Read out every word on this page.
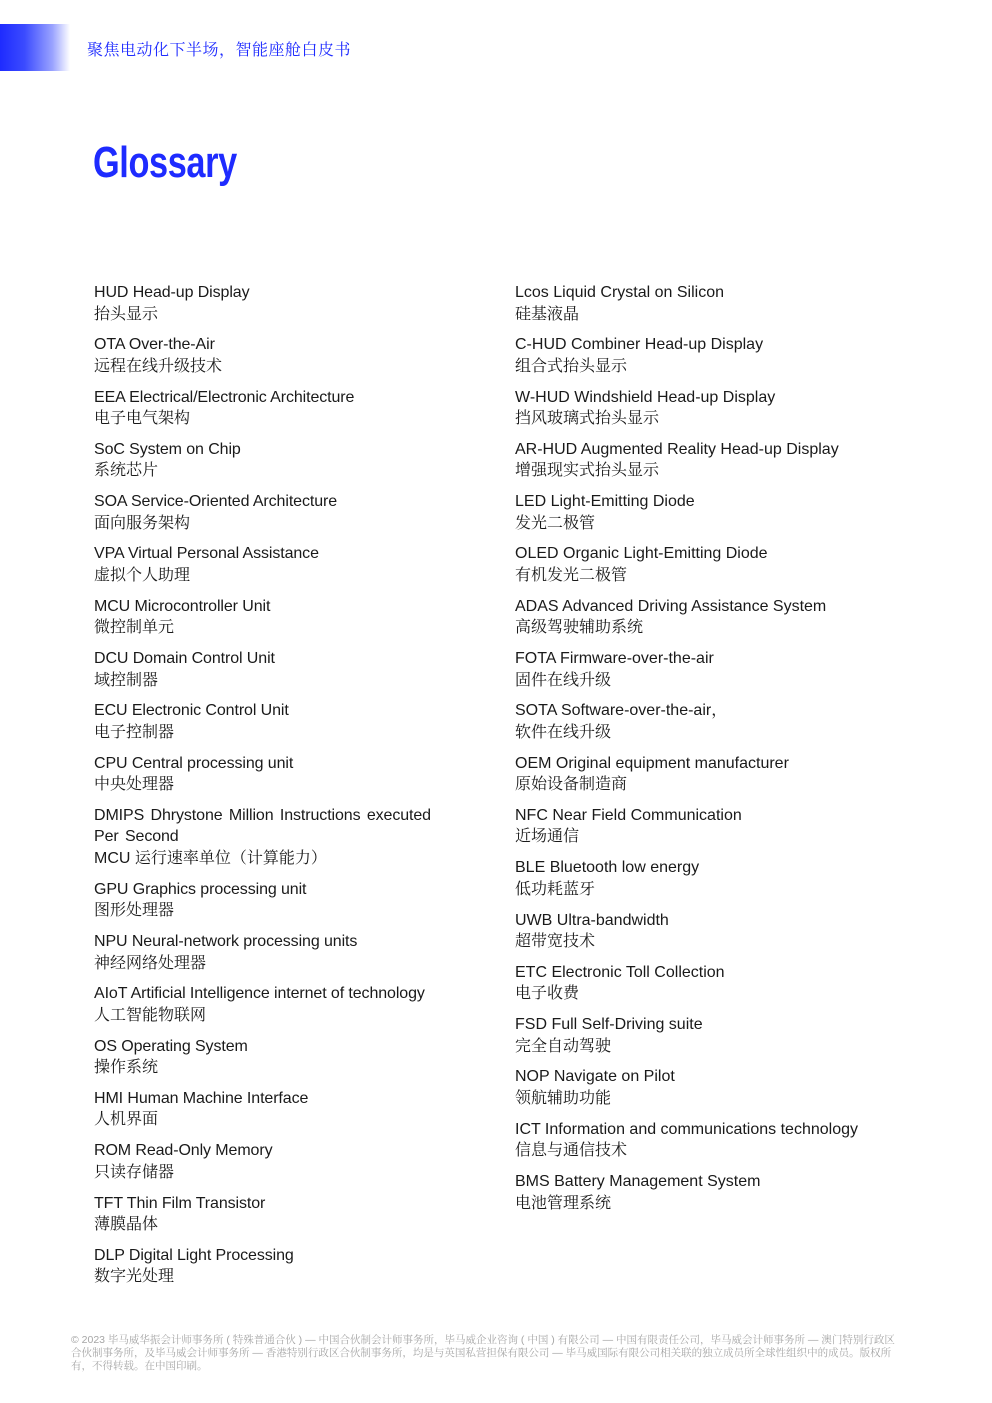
聚焦电动化下半场，智能座舱白皮书
Glossary
HUD Head-up Display
抬头显示
OTA Over-the-Air
远程在线升级技术
EEA Electrical/Electronic Architecture
电子电气架构
SoC System on Chip
系统芯片
SOA Service-Oriented Architecture
面向服务架构
VPA Virtual Personal Assistance
虚拟个人助理
MCU Microcontroller Unit
微控制单元
DCU Domain Control Unit
域控制器
ECU Electronic Control Unit
电子控制器
CPU Central processing unit
中央处理器
DMIPS Dhrystone Million Instructions executed Per Second
MCU 运行速率单位（计算能力）
GPU Graphics processing unit
图形处理器
NPU Neural-network processing units
神经网络处理器
AIoT Artificial Intelligence internet of technology
人工智能物联网
OS Operating System
操作系统
HMI Human Machine Interface
人机界面
ROM Read-Only Memory
只读存储器
TFT Thin Film Transistor
薄膜晶体
DLP Digital Light Processing
数字光处理
Lcos Liquid Crystal on Silicon
硅基液晶
C-HUD Combiner Head-up Display
组合式抬头显示
W-HUD Windshield Head-up Display
挡风玻璃式抬头显示
AR-HUD Augmented Reality Head-up Display
增强现实式抬头显示
LED Light-Emitting Diode
发光二极管
OLED Organic Light-Emitting Diode
有机发光二极管
ADAS Advanced Driving Assistance System
高级驾驶辅助系统
FOTA Firmware-over-the-air
固件在线升级
SOTA Software-over-the-air，
软件在线升级
OEM Original equipment manufacturer
原始设备制造商
NFC Near Field Communication
近场通信
BLE Bluetooth low energy
低功耗蓝牙
UWB Ultra-bandwidth
超带宽技术
ETC Electronic Toll Collection
电子收费
FSD Full Self-Driving suite
完全自动驾驶
NOP Navigate on Pilot
领航辅助功能
ICT Information and communications technology
信息与通信技术
BMS Battery Management System
电池管理系统
© 2023 毕马威华振会计师事务所 ( 特殊普通合伙 ) — 中国合伙制会计师事务所，毕马威企业咨询 ( 中国 ) 有限公司 — 中国有限责任公司，毕马威会计师事务所 — 澳门特别行政区合伙制事务所，及毕马威会计师事务所 — 香港特别行政区合伙制事务所，均是与英国私营担保有限公司 — 毕马威国际有限公司相关联的独立成员所全球性组织中的成员。版权所有，不得转载。在中国印刷。
